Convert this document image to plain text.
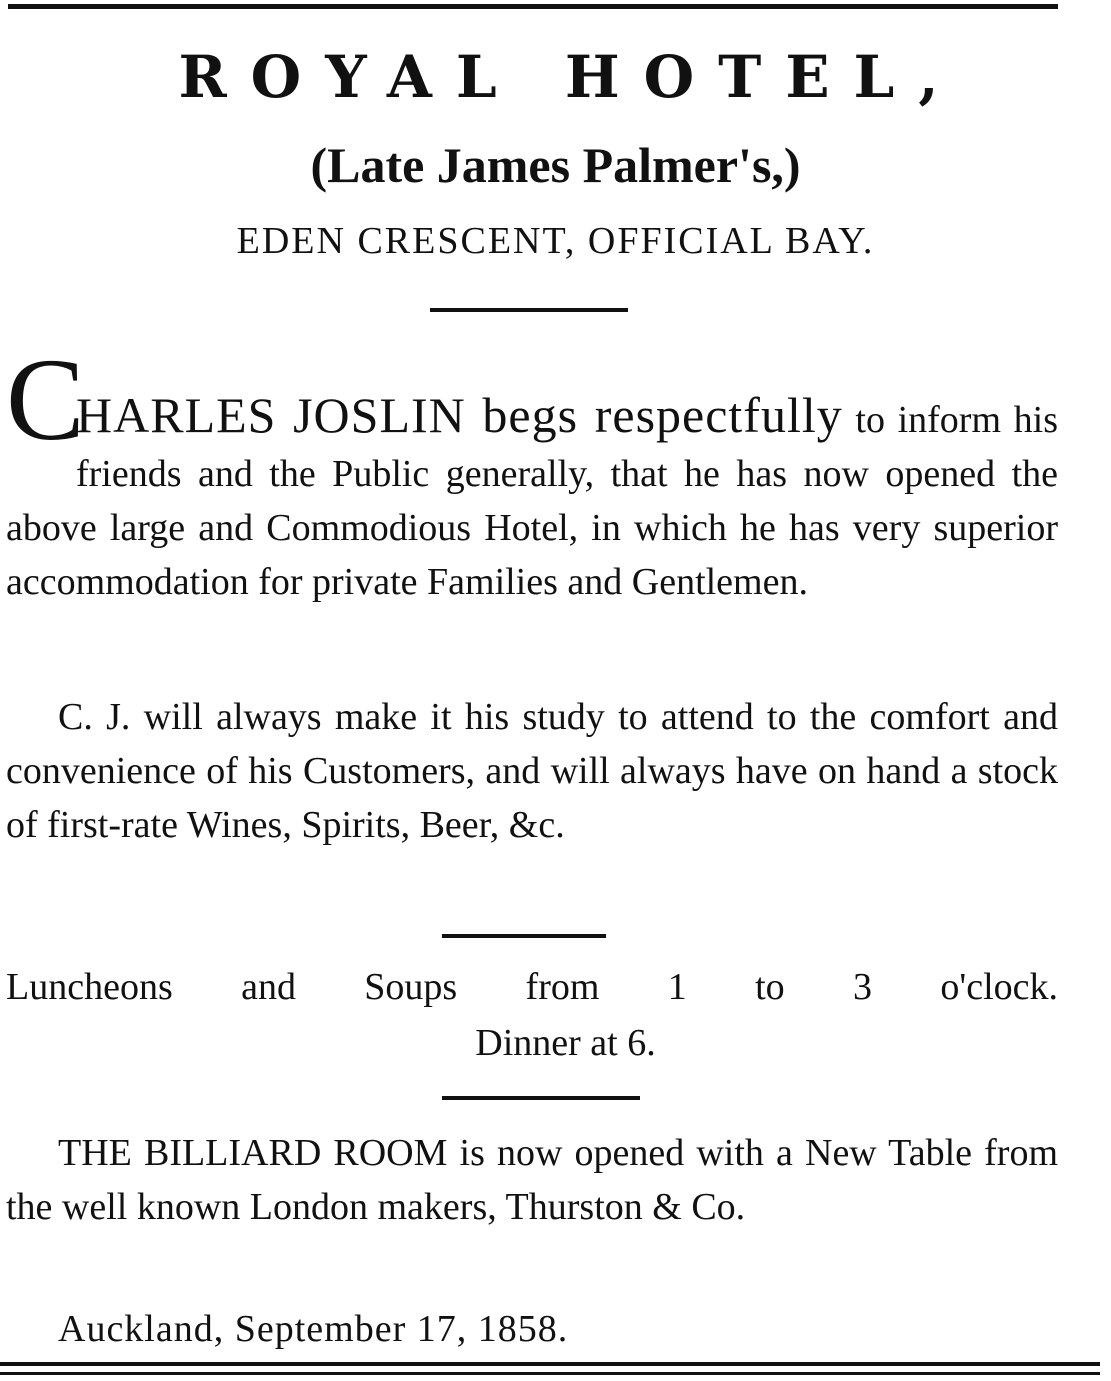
ROYAL HOTEL,
(Late James Palmer's,)
EDEN CRESCENT, OFFICIAL BAY.
C
HARLES JOSLIN begs respectfully to inform his friends and the Public generally, that he has now opened the above large and Commodious Hotel, in which he has very superior accommodation for private Families and Gentlemen.
C. J. will always make it his study to attend to the comfort and convenience of his Customers, and will always have on hand a stock of first-rate Wines, Spirits, Beer, &c.
Luncheons and Soups from 1 to 3 o'clock.
Dinner at 6.
THE BILLIARD ROOM is now opened with a New Table from the well known London makers, Thurston & Co.
Auckland, September 17, 1858.
